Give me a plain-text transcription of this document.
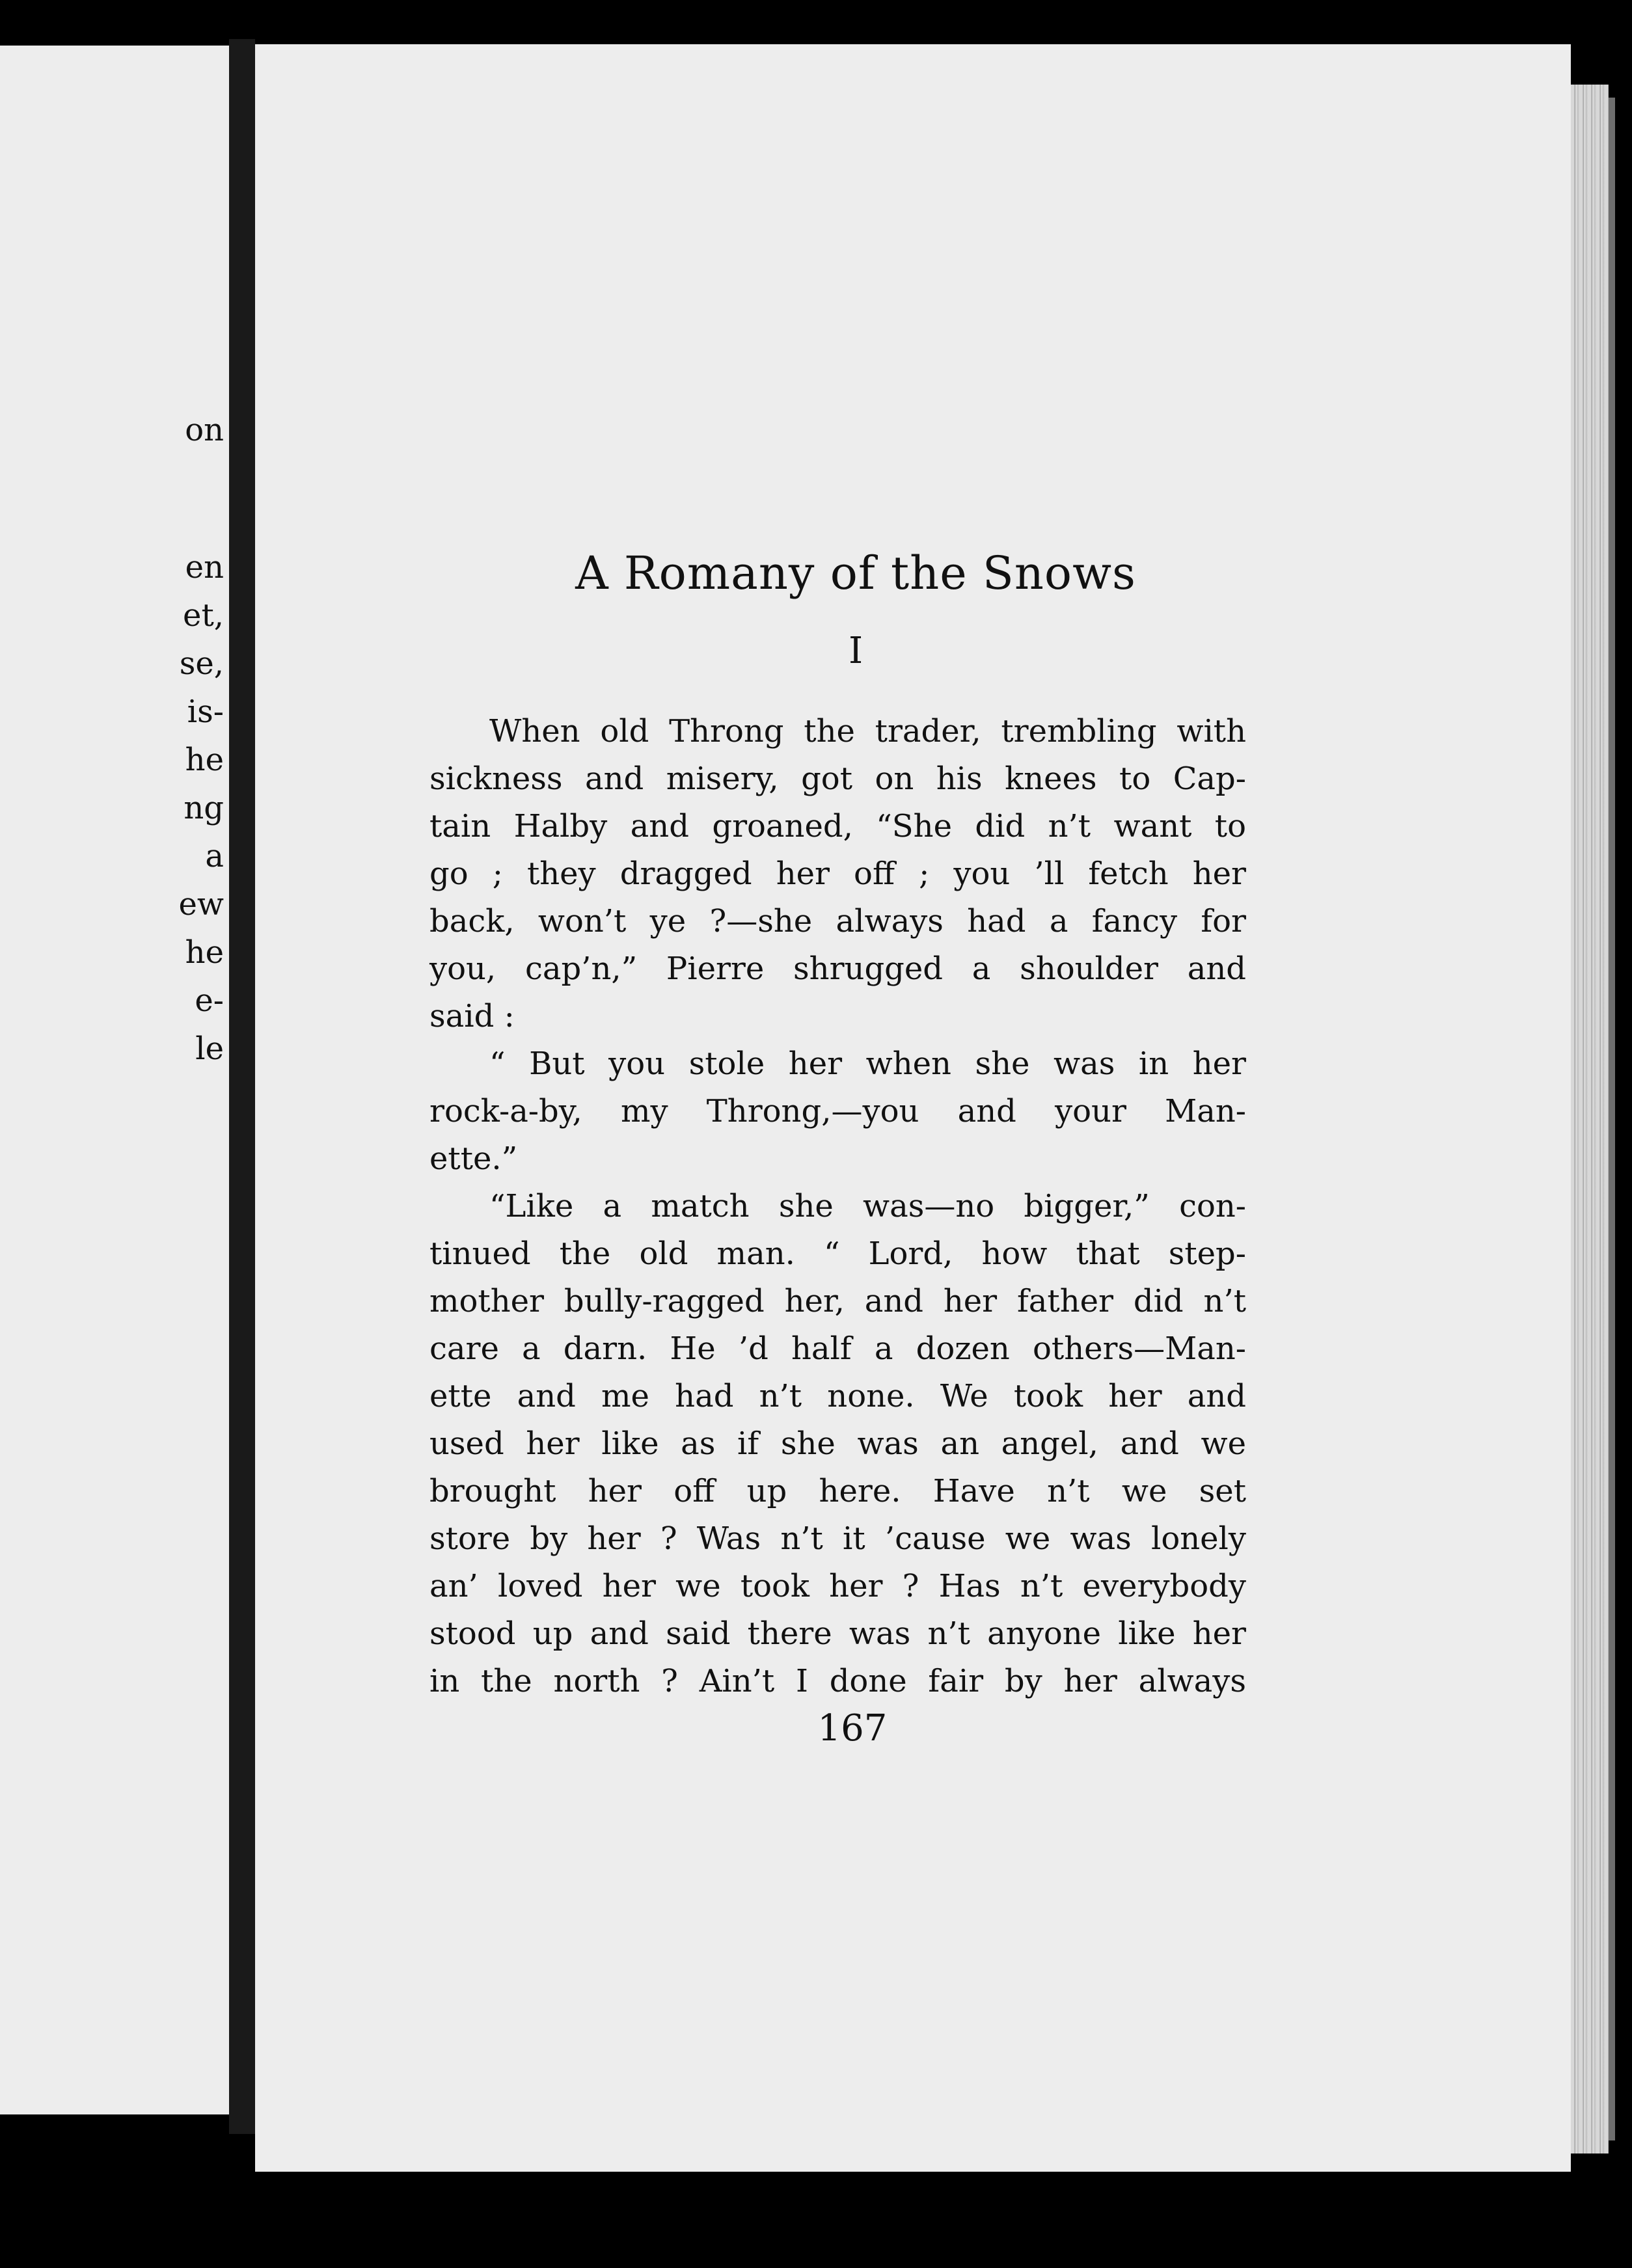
on
en
et,
se,
is-
he
ng
a
ew
he
e-
le
A Romany of the Snows
I
When old Throng the trader, trembling with
sickness and misery, got on his knees to Cap-
tain Halby and groaned, “She did n’t want to
go ; they dragged her off ; you ’ll fetch her
back, won’t ye ?—she always had a fancy for
you, cap’n,” Pierre shrugged a shoulder and
said :
“ But you stole her when she was in her
rock-a-by, my Throng,—you and your Man-
ette.”
“Like a match she was—no bigger,” con-
tinued the old man. “ Lord, how that step-
mother bully-ragged her, and her father did n’t
care a darn. He ’d half a dozen others—Man-
ette and me had n’t none. We took her and
used her like as if she was an angel, and we
brought her off up here. Have n’t we set
store by her ? Was n’t it ’cause we was lonely
an’ loved her we took her ? Has n’t everybody
stood up and said there was n’t anyone like her
in the north ? Ain’t I done fair by her always
167
